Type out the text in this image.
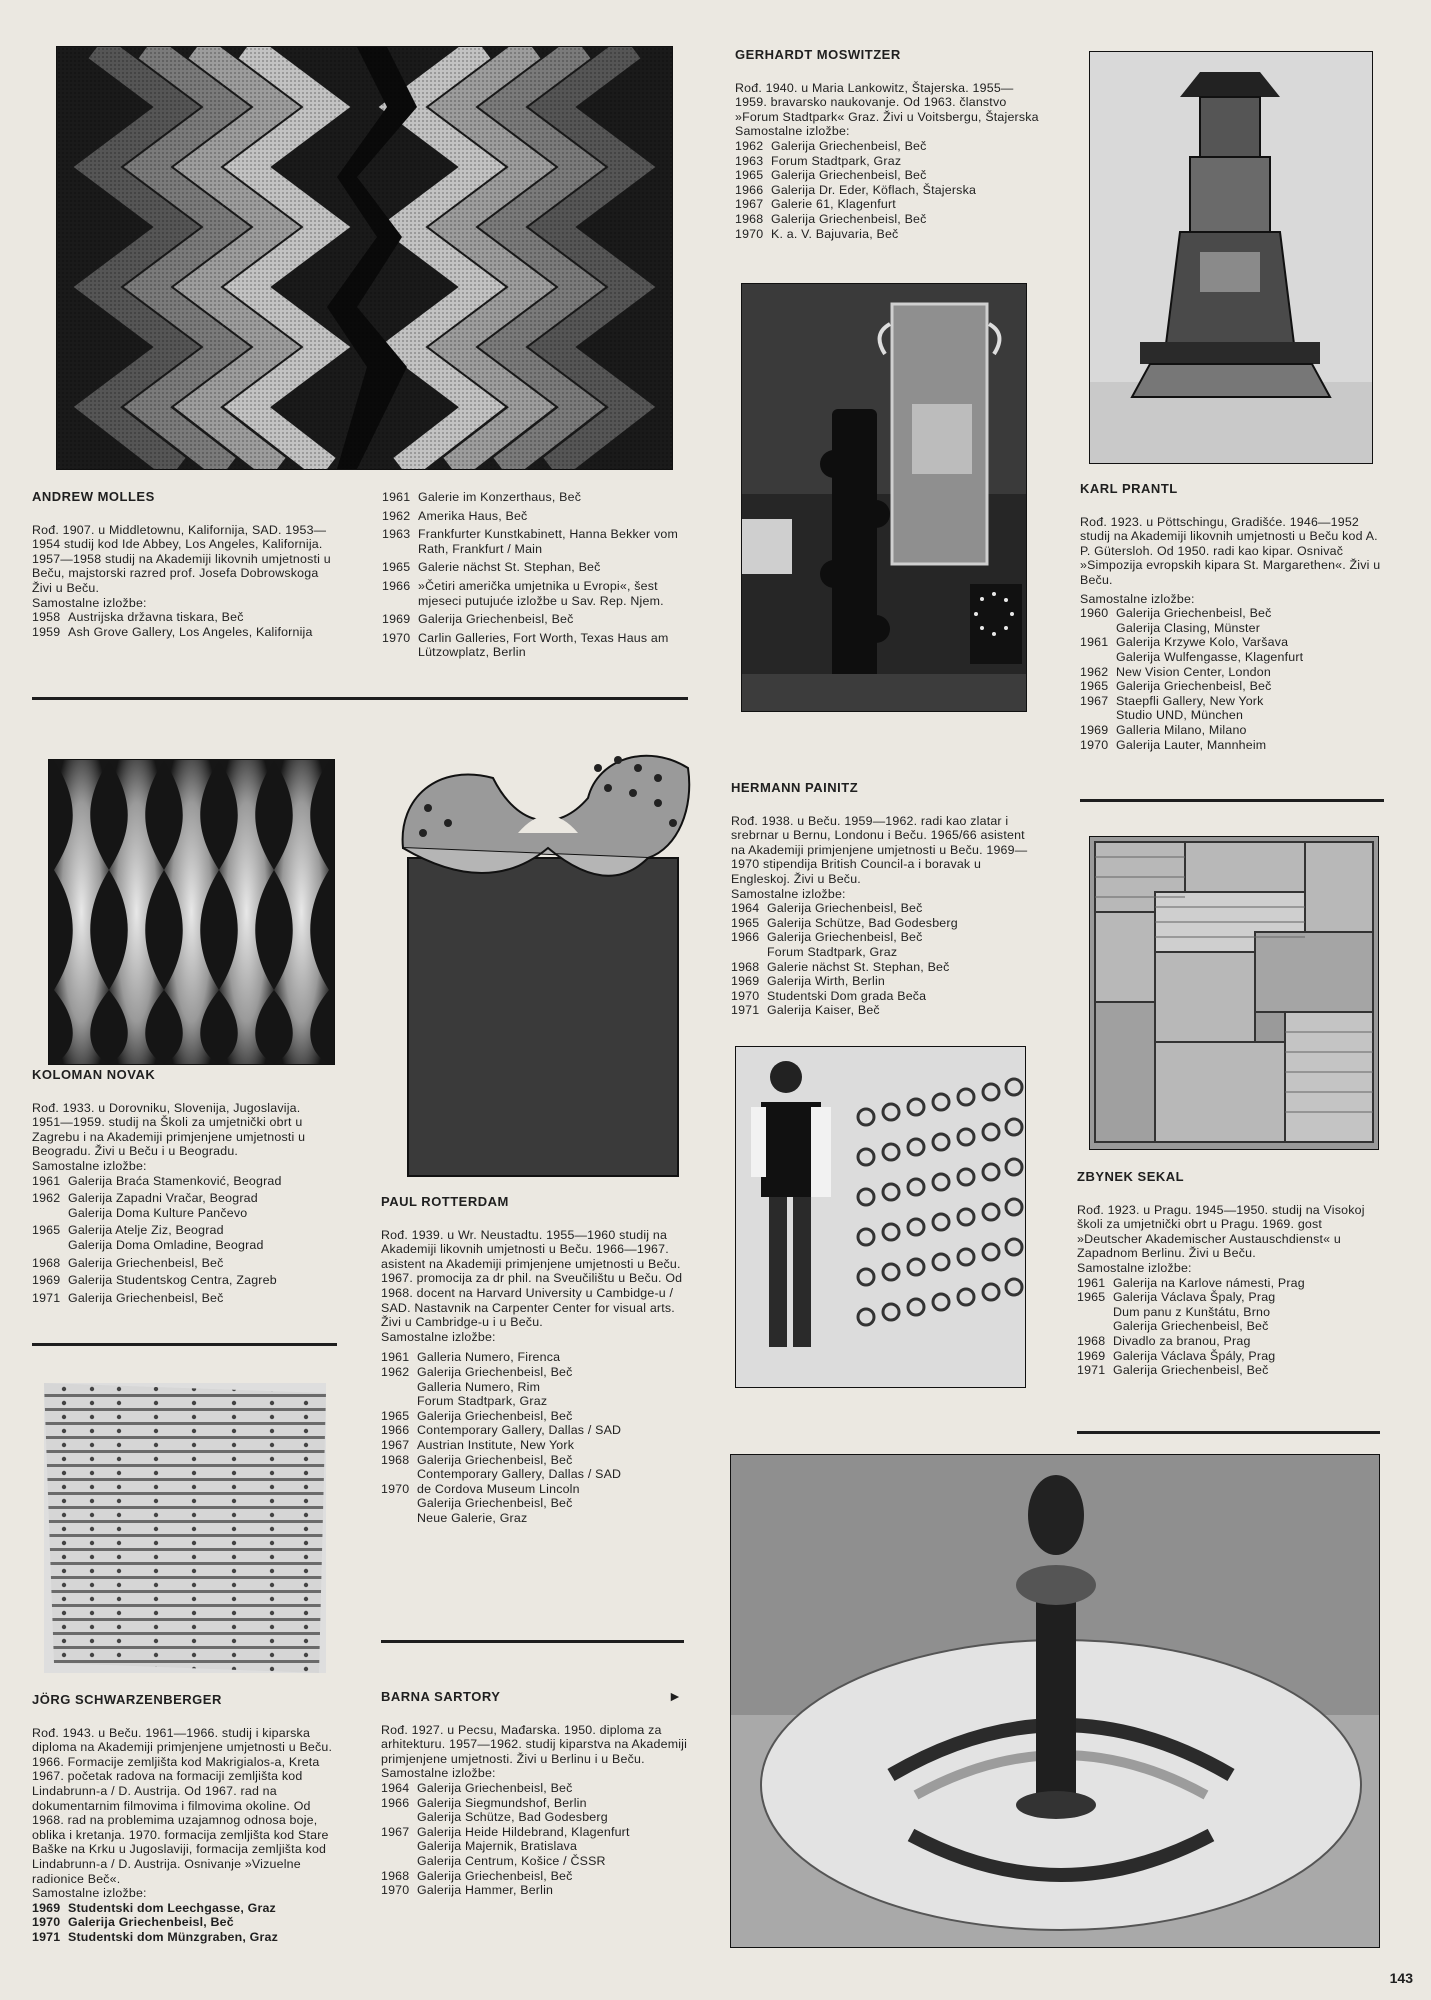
ANDREW MOLLES

Rođ. 1907. u Middletownu, Kalifornija, SAD. 1953—1954 studij kod Ide Abbey, Los Angeles, Kalifornija. 1957—1958 studij na Akademiji likovnih umjetnosti u Beču, majstorski razred prof. Josefa Dobrowskoga Živi u Beču.

Samostalne izložbe:

1958 Austrijska državna tiskara, Beč
1959 Ash Grove Gallery, Los Angeles, Kalifornija
1961 Galerie im Konzerthaus, Beč
1962 Amerika Haus, Beč
1963 Frankfurter Kunstkabinett, Hanna Bekker vom Rath, Frankfurt / Main
1965 Galerie nächst St. Stephan, Beč
1966 »Četiri američka umjetnika u Evropi«, šest mjeseci putujuće izložbe u Sav. Rep. Njem.
1969 Galerija Griechenbeisl, Beč
1970 Carlin Galleries, Fort Worth, Texas Haus am Lützowplatz, Berlin
GERHARDT MOSWITZER

Rođ. 1940. u Maria Lankowitz, Štajerska. 1955—1959. bravarsko naukovanje. Od 1963. članstvo »Forum Stadtpark« Graz. Živi u Voitsbergu, Štajerska

Samostalne izložbe:

1962 Galerija Griechenbeisl, Beč
1963 Forum Stadtpark, Graz
1965 Galerija Griechenbeisl, Beč
1966 Galerija Dr. Eder, Köflach, Štajerska
1967 Galerie 61, Klagenfurt
1968 Galerija Griechenbeisl, Beč
1970 K. a. V. Bajuvaria, Beč
KARL PRANTL

Rođ. 1923. u Pöttschingu, Gradišće. 1946—1952 studij na Akademiji likovnih umjetnosti u Beču kod A. P. Gütersloh. Od 1950. radi kao kipar. Osnivač »Simpozija evropskih kipara St. Margarethen«. Živi u Beču.

Samostalne izložbe:

1960 Galerija Griechenbeisl, Beč
Galerija Clasing, Münster
1961 Galerija Krzywe Kolo, Varšava
Galerija Wulfengasse, Klagenfurt
1962 New Vision Center, London
1965 Galerija Griechenbeisl, Beč
1967 Staepfli Gallery, New York
Studio UND, München
1969 Galleria Milano, Milano
1970 Galerija Lauter, Mannheim
HERMANN PAINITZ

Rođ. 1938. u Beču. 1959—1962. radi kao zlatar i srebrnar u Bernu, Londonu i Beču. 1965/66 asistent na Akademiji primjenjene umjetnosti u Beču. 1969—1970 stipendija British Council-a i boravak u Engleskoj. Živi u Beču.

Samostalne izložbe:

1964 Galerija Griechenbeisl, Beč
1965 Galerija Schütze, Bad Godesberg
1966 Galerija Griechenbeisl, Beč
Forum Stadtpark, Graz
1968 Galerie nächst St. Stephan, Beč
1969 Galerija Wirth, Berlin
1970 Studentski Dom grada Beča
1971 Galerija Kaiser, Beč
KOLOMAN NOVAK

Rođ. 1933. u Dorovniku, Slovenija, Jugoslavija. 1951—1959. studij na Školi za umjetnički obrt u Zagrebu i na Akademiji primjenjene umjetnosti u Beogradu. Živi u Beču i u Beogradu.

Samostalne izložbe:

1961 Galerija Braća Stamenković, Beograd
1962 Galerija Zapadni Vračar, Beograd
Galerija Doma Kulture Pančevo
1965 Galerija Atelje Ziz, Beograd
Galerija Doma Omladine, Beograd
1968 Galerija Griechenbeisl, Beč
1969 Galerija Studentskog Centra, Zagreb
1971 Galerija Griechenbeisl, Beč
PAUL ROTTERDAM

Rođ. 1939. u Wr. Neustadtu. 1955—1960 studij na Akademiji likovnih umjetnosti u Beču. 1966—1967. asistent na Akademiji primjenjene umjetnosti u Beču. 1967. promocija za dr phil. na Sveučilištu u Beču. Od 1968. docent na Harvard University u Cambidge-u / SAD. Nastavnik na Carpenter Center for visual arts. Živi u Cambridge-u i u Beču.

Samostalne izložbe:

1961 Galleria Numero, Firenca
1962 Galerija Griechenbeisl, Beč
Galleria Numero, Rim
Forum Stadtpark, Graz
1965 Galerija Griechenbeisl, Beč
1966 Contemporary Gallery, Dallas / SAD
1967 Austrian Institute, New York
1968 Galerija Griechenbeisl, Beč
Contemporary Gallery, Dallas / SAD
1970 de Cordova Museum Lincoln
Galerija Griechenbeisl, Beč
Neue Galerie, Graz
ZBYNEK SEKAL

Rođ. 1923. u Pragu. 1945—1950. studij na Visokoj školi za umjetnički obrt u Pragu. 1969. gost »Deutscher Akademischer Austauschdienst« u Zapadnom Berlinu. Živi u Beču.

Samostalne izložbe:

1961 Galerija na Karlove námesti, Prag
1965 Galerija Václava Špaly, Prag
Dum panu z Kunštátu, Brno
Galerija Griechenbeisl, Beč
1968 Divadlo za branou, Prag
1969 Galerija Václava Špály, Prag
1971 Galerija Griechenbeisl, Beč
JÖRG SCHWARZENBERGER

Rođ. 1943. u Beču. 1961—1966. studij i kiparska diploma na Akademiji primjenjene umjetnosti u Beču. 1966. Formacije zemljišta kod Makrigialos-a, Kreta 1967. početak radova na formaciji zemljišta kod Lindabrunn-a / D. Austrija. Od 1967. rad na dokumentarnim filmovima i filmovima okoline. Od 1968. rad na problemima uzajamnog odnosa boje, oblika i kretanja. 1970. formacija zemljišta kod Stare Baške na Krku u Jugoslaviji, formacija zemljišta kod Lindabrunn-a / D. Austrija. Osnivanje »Vizuelne radionice Beč«.

Samostalne izložbe:

1969 Studentski dom Leechgasse, Graz
1970 Galerija Griechenbeisl, Beč
1971 Studentski dom Münzgraben, Graz
BARNA SARTORY

Rođ. 1927. u Pecsu, Mađarska. 1950. diploma za arhitekturu. 1957—1962. studij kiparstva na Akademiji primjenjene umjetnosti. Živi u Berlinu i u Beču.

Samostalne izložbe:

1964 Galerija Griechenbeisl, Beč
1966 Galerija Siegmundshof, Berlin
Galerija Schütze, Bad Godesberg
1967 Galerija Heide Hildebrand, Klagenfurt
Galerija Majernik, Bratislava
Galerija Centrum, Košice / ČSSR
1968 Galerija Griechenbeisl, Beč
1970 Galerija Hammer, Berlin
►
143
